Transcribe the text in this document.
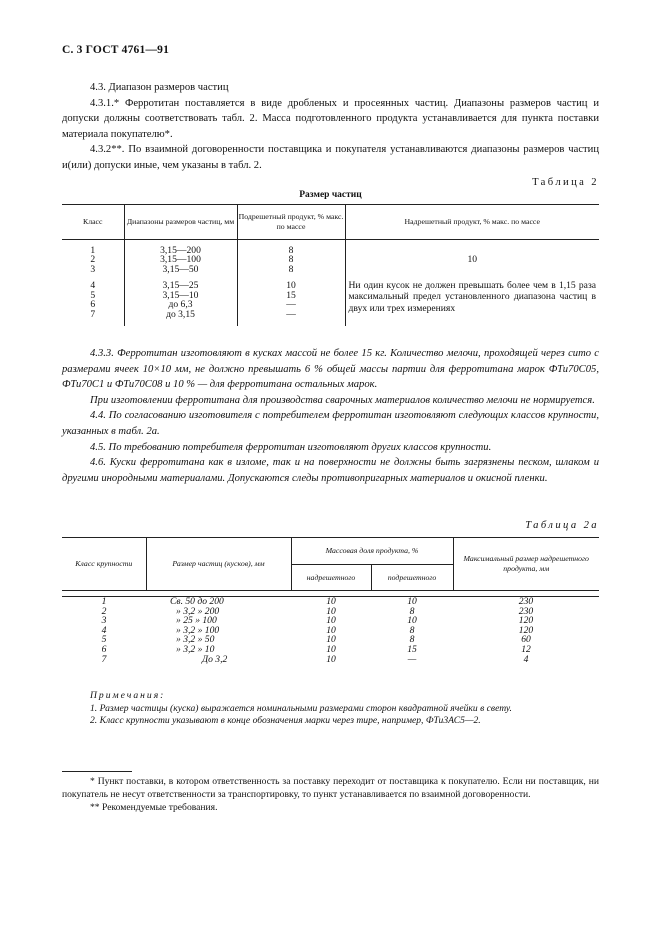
С. 3 ГОСТ 4761—91

4.3. Диапазон размеров частиц

4.3.1.* Ферротитан поставляется в виде дробленых и просеянных частиц. Диапазоны размеров частиц и допуски должны соответствовать табл. 2. Масса подготовленного продукта устанавливается для пункта поставки материала покупателю*.

4.3.2**. По взаимной договоренности поставщика и покупателя устанавливаются диапазоны размеров частиц и(или) допуски иные, чем указаны в табл. 2.

Таблица 2
Размер частиц
Класс	Диапазоны размеров частиц, мм	Подрешетный продукт, % макс. по массе	Надрешетный продукт, % макс. по массе

1	3,15—200	8	10
2	3,15—100	8	
3	3,15—50	8	
4	3,15—25	10	Ни один кусок не должен превышать более чем в 1,15 раза максимальный предел установленного диапазона частиц в двух или трех измерениях
5	3,15—10	15	
6	до 6,3	—	
7	до 3,15	—	

4.3.3. Ферротитан изготовляют в кусках массой не более 15 кг. Количество мелочи, проходящей через сито с размерами ячеек 10×10 мм, не должно превышать 6 % общей массы партии для ферротитана марок ФТи70С05, ФТи70С1 и ФТи70С08 и 10 % — для ферротитана остальных марок.

При изготовлении ферротитана для производства сварочных материалов количество мелочи не нормируется.

4.4. По согласованию изготовителя с потребителем ферротитан изготовляют следующих классов крупности, указанных в табл. 2а.

4.5. По требованию потребителя ферротитан изготовляют других классов крупности.

4.6. Куски ферротитана как в изломе, так и на поверхности не должны быть загрязнены песком, шлаком и другими инородными материалами. Допускаются следы противопригарных материалов и окисной пленки.

Таблица 2а
Класс крупности	Размер частиц (кусков), мм	Массовая доля продукта, %		Максимальный размер надрешетного продукта, мм
		надрешетного	подрешетного	

1	Св. 50 до 200	10	10	230
2	» 3,2 » 200	10	8	230
3	» 25 » 100	10	10	120
4	» 3,2 » 100	10	8	120
5	» 3,2 » 50	10	8	60
6	» 3,2 » 10	10	15	12
7	До 3,2	10	—	4
Примечания:

1. Размер частицы (куска) выражается номинальными размерами сторон квадратной ячейки в свету.

2. Класс крупности указывают в конце обозначения марки через тире, например, ФТи3АС5—2.

* Пункт поставки, в котором ответственность за поставку переходит от поставщика к покупателю. Если ни поставщик, ни покупатель не несут ответственности за транспортировку, то пункт устанавливается по взаимной договоренности.

** Рекомендуемые требования.
